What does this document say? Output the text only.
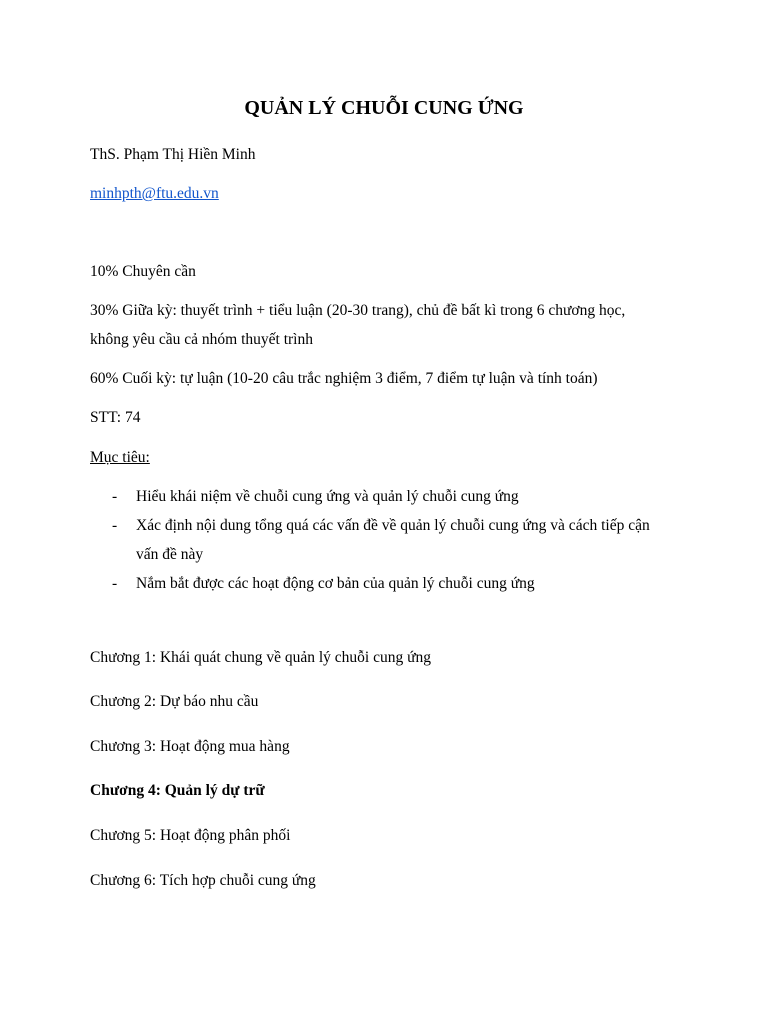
QUẢN LÝ CHUỖI CUNG ỨNG
ThS. Phạm Thị Hiền Minh
minhpth@ftu.edu.vn
10% Chuyên cần
30% Giữa kỳ: thuyết trình + tiểu luận (20-30 trang), chủ đề bất kì trong 6 chương học,
không yêu cầu cả nhóm thuyết trình
60% Cuối kỳ: tự luận (10-20 câu trắc nghiệm 3 điểm, 7 điểm tự luận và tính toán)
STT: 74
Mục tiêu:
- Hiểu khái niệm về chuỗi cung ứng và quản lý chuỗi cung ứng
- Xác định nội dung tổng quá các vấn đề về quản lý chuỗi cung ứng và cách tiếp cận
vấn đề này
- Nắm bắt được các hoạt động cơ bản của quản lý chuỗi cung ứng
Chương 1: Khái quát chung về quản lý chuỗi cung ứng
Chương 2: Dự báo nhu cầu
Chương 3: Hoạt động mua hàng
Chương 4: Quản lý dự trữ
Chương 5: Hoạt động phân phối
Chương 6: Tích hợp chuỗi cung ứng
